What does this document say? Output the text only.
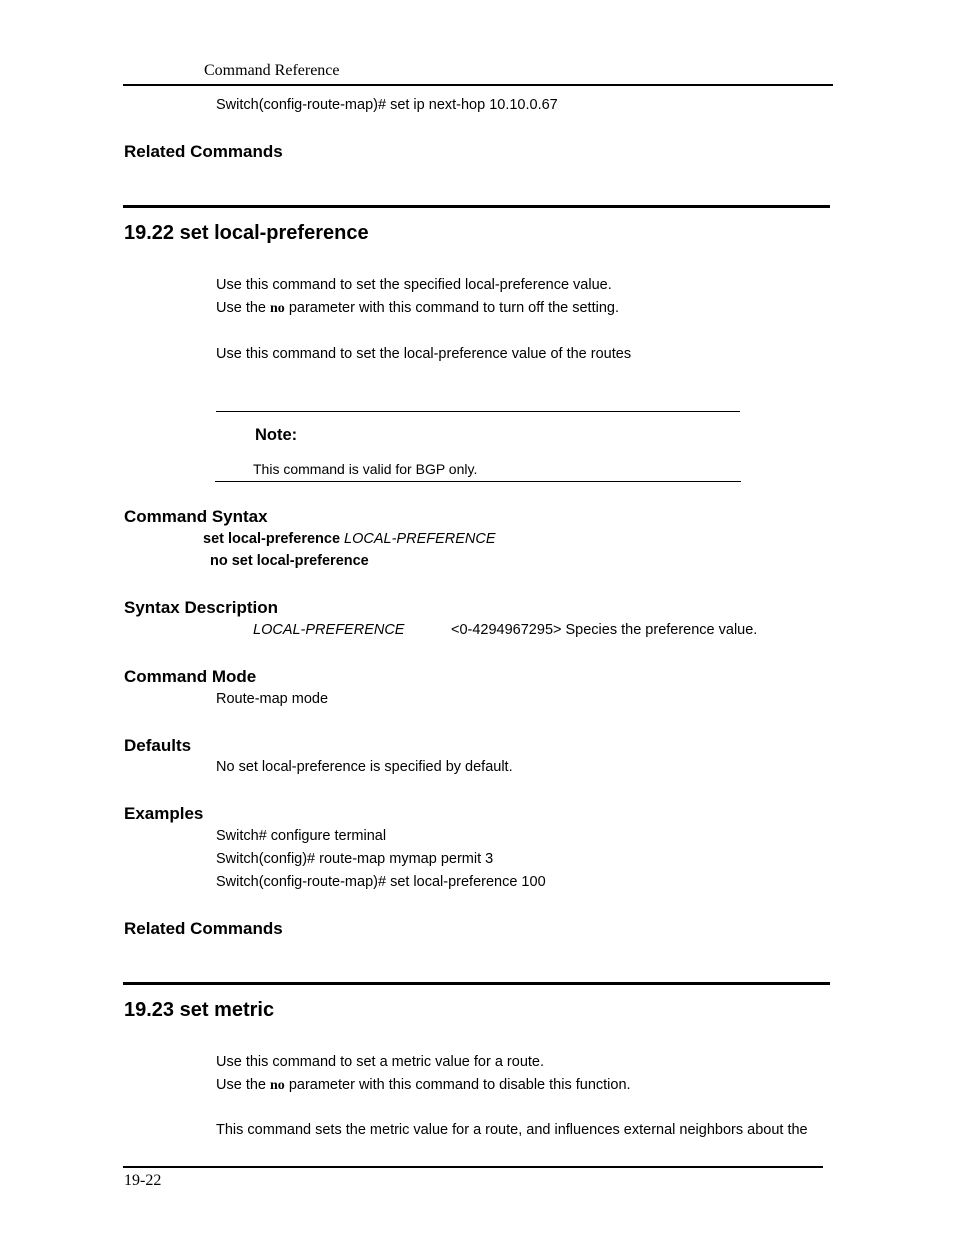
Command Reference
Switch(config-route-map)# set ip next-hop 10.10.0.67
Related Commands
19.22 set local-preference
Use this command to set the specified local-preference value.
Use the no parameter with this command to turn off the setting.
Use this command to set the local-preference value of the routes
Note:
This command is valid for BGP only.
Command Syntax
set local-preference LOCAL-PREFERENCE
no set local-preference
Syntax Description
LOCAL-PREFERENCE	<0-4294967295> Species the preference value.
Command Mode
Route-map mode
Defaults
No set local-preference is specified by default.
Examples
Switch# configure terminal
Switch(config)# route-map mymap permit 3
Switch(config-route-map)# set local-preference 100
Related Commands
19.23 set metric
Use this command to set a metric value for a route.
Use the no parameter with this command to disable this function.
This command sets the metric value for a route, and influences external neighbors about the
19-22
